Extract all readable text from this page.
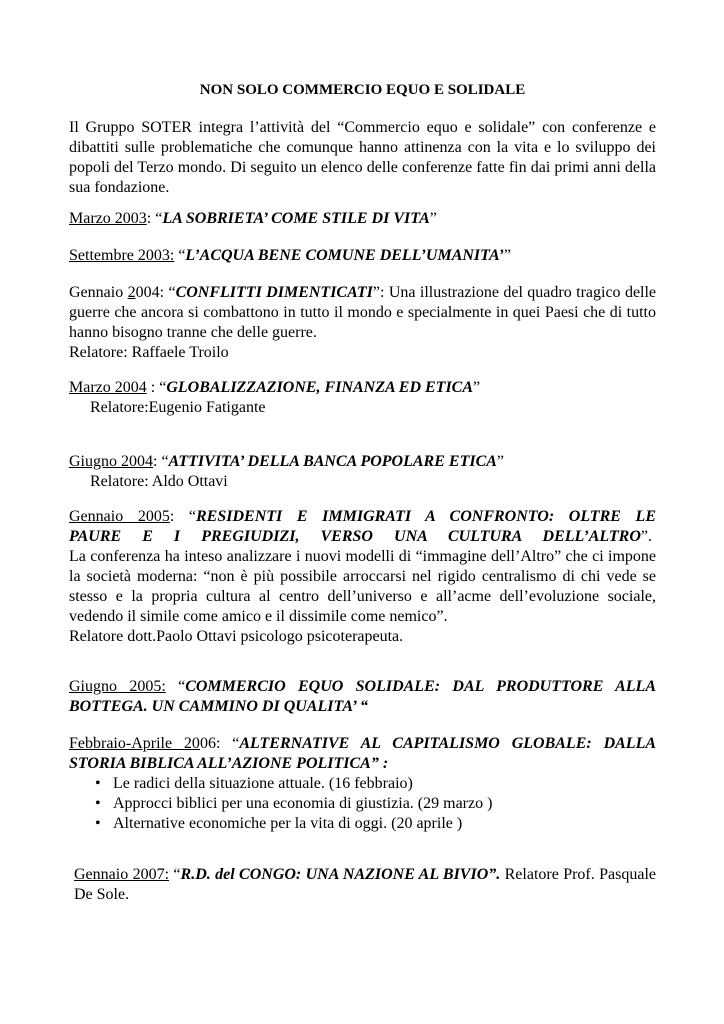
NON SOLO COMMERCIO EQUO E SOLIDALE
Il Gruppo SOTER integra l’attività del “Commercio equo e solidale” con conferenze e dibattiti sulle problematiche che comunque hanno attinenza con la vita e lo sviluppo dei popoli del Terzo mondo. Di seguito un elenco delle conferenze fatte fin dai primi anni della sua fondazione.
Marzo 2003: “LA SOBRIETA’ COME STILE DI VITA”
Settembre 2003: “L’ACQUA BENE COMUNE DELL’UMANITA’”
Gennaio 2004: “CONFLITTI DIMENTICATI”: Una illustrazione del quadro tragico delle guerre che ancora si combattono in tutto il mondo e specialmente in quei Paesi che di tutto hanno bisogno tranne che delle guerre.
Relatore: Raffaele Troilo
Marzo 2004 : “GLOBALIZZAZIONE, FINANZA ED ETICA”
Relatore:Eugenio Fatigante
Giugno 2004: “ATTIVITA’ DELLA BANCA POPOLARE ETICA”
Relatore: Aldo Ottavi
Gennaio 2005: “RESIDENTI E IMMIGRATI A CONFRONTO: OLTRE LE
PAURE E I PREGIUDIZI, VERSO UNA CULTURA DELL’ALTRO”.
La conferenza ha inteso analizzare i nuovi modelli di “immagine dell’Altro” che ci impone la società moderna: “non è più possibile arroccarsi nel rigido centralismo di chi vede se stesso e la propria cultura al centro dell’universo e all’acme dell’evoluzione sociale, vedendo il simile come amico e il dissimile come nemico”.
Relatore dott.Paolo Ottavi psicologo psicoterapeuta.
Giugno 2005: “COMMERCIO EQUO SOLIDALE: DAL PRODUTTORE ALLA
BOTTEGA. UN CAMMINO DI QUALITA’ “
Febbraio-Aprile 2006: “ALTERNATIVE AL CAPITALISMO GLOBALE: DALLA
STORIA BIBLICA ALL’AZIONE POLITICA” :
• Le radici della situazione attuale. (16 febbraio)
• Approcci biblici per una economia di giustizia. (29 marzo )
• Alternative economiche per la vita di oggi. (20 aprile )
Gennaio 2007: “R.D. del CONGO: UNA NAZIONE AL BIVIO”. Relatore Prof. Pasquale De Sole.
